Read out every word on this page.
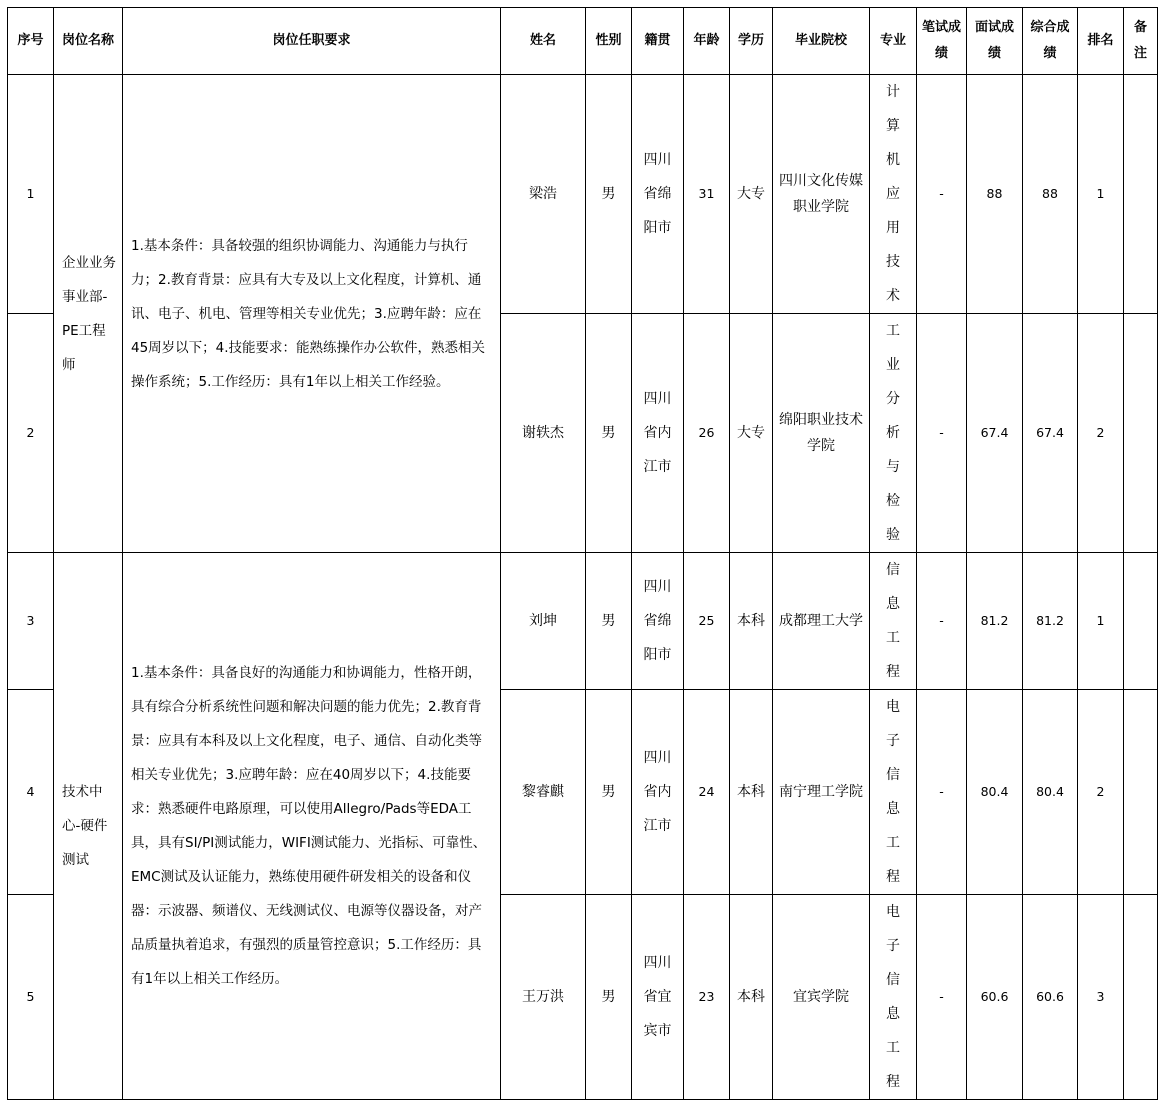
序号	岗位名称	岗位任职要求	姓名	性别	籍贯	年龄	学历	毕业院校	专业	笔试成绩	面试成绩	综合成绩	排名	备注
1	企业业务事业部-PE工程师	1.基本条件：具备较强的组织协调能力、沟通能力与执行力；2.教育背景：应具有大专及以上文化程度，计算机、通讯、电子、机电、管理等相关专业优先；3.应聘年龄：应在45周岁以下；4.技能要求：能熟练操作办公软件，熟悉相关操作系统；5.工作经历：具有1年以上相关工作经验。	梁浩	男	四川省绵阳市	31	大专	四川文化传媒职业学院	计算机应用技术	-	88	88	1	
2			谢轶杰	男	四川省内江市	26	大专	绵阳职业技术学院	工业分析与检验	-	67.4	67.4	2	
3	技术中心-硬件测试	1.基本条件：具备良好的沟通能力和协调能力，性格开朗，具有综合分析系统性问题和解决问题的能力优先；2.教育背景：应具有本科及以上文化程度，电子、通信、自动化类等相关专业优先；3.应聘年龄：应在40周岁以下；4.技能要求：熟悉硬件电路原理，可以使用Allegro/Pads等EDA工具，具有SI/PI测试能力，WIFI测试能力、光指标、可靠性、EMC测试及认证能力，熟练使用硬件研发相关的设备和仪器：示波器、频谱仪、无线测试仪、电源等仪器设备，对产品质量执着追求，有强烈的质量管控意识；5.工作经历：具有1年以上相关工作经历。	刘坤	男	四川省绵阳市	25	本科	成都理工大学	信息工程	-	81.2	81.2	1	
4			黎睿麒	男	四川省内江市	24	本科	南宁理工学院	电子信息工程	-	80.4	80.4	2	
5			王万洪	男	四川省宜宾市	23	本科	宜宾学院	电子信息工程	-	60.6	60.6	3	
